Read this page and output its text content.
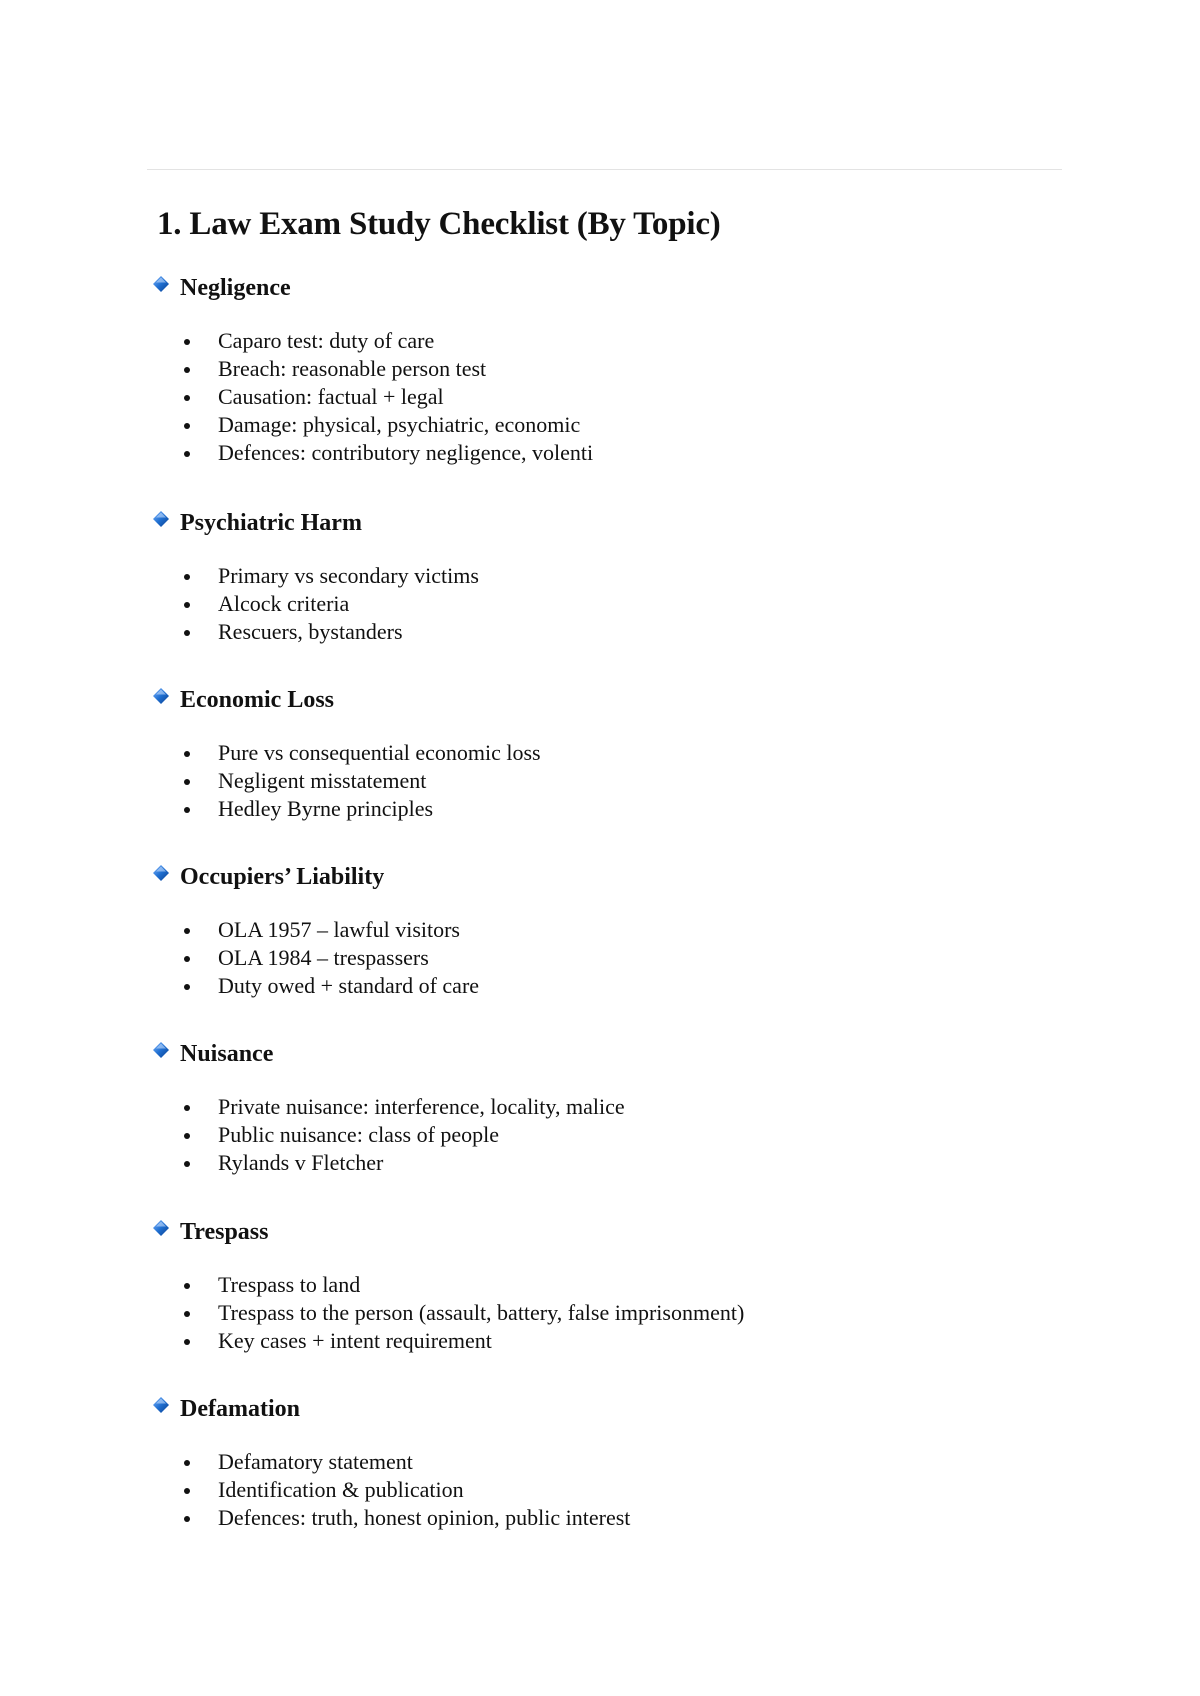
1. Law Exam Study Checklist (By Topic)
Negligence
Caparo test: duty of care
Breach: reasonable person test
Causation: factual + legal
Damage: physical, psychiatric, economic
Defences: contributory negligence, volenti
Psychiatric Harm
Primary vs secondary victims
Alcock criteria
Rescuers, bystanders
Economic Loss
Pure vs consequential economic loss
Negligent misstatement
Hedley Byrne principles
Occupiers’ Liability
OLA 1957 – lawful visitors
OLA 1984 – trespassers
Duty owed + standard of care
Nuisance
Private nuisance: interference, locality, malice
Public nuisance: class of people
Rylands v Fletcher
Trespass
Trespass to land
Trespass to the person (assault, battery, false imprisonment)
Key cases + intent requirement
Defamation
Defamatory statement
Identification & publication
Defences: truth, honest opinion, public interest
